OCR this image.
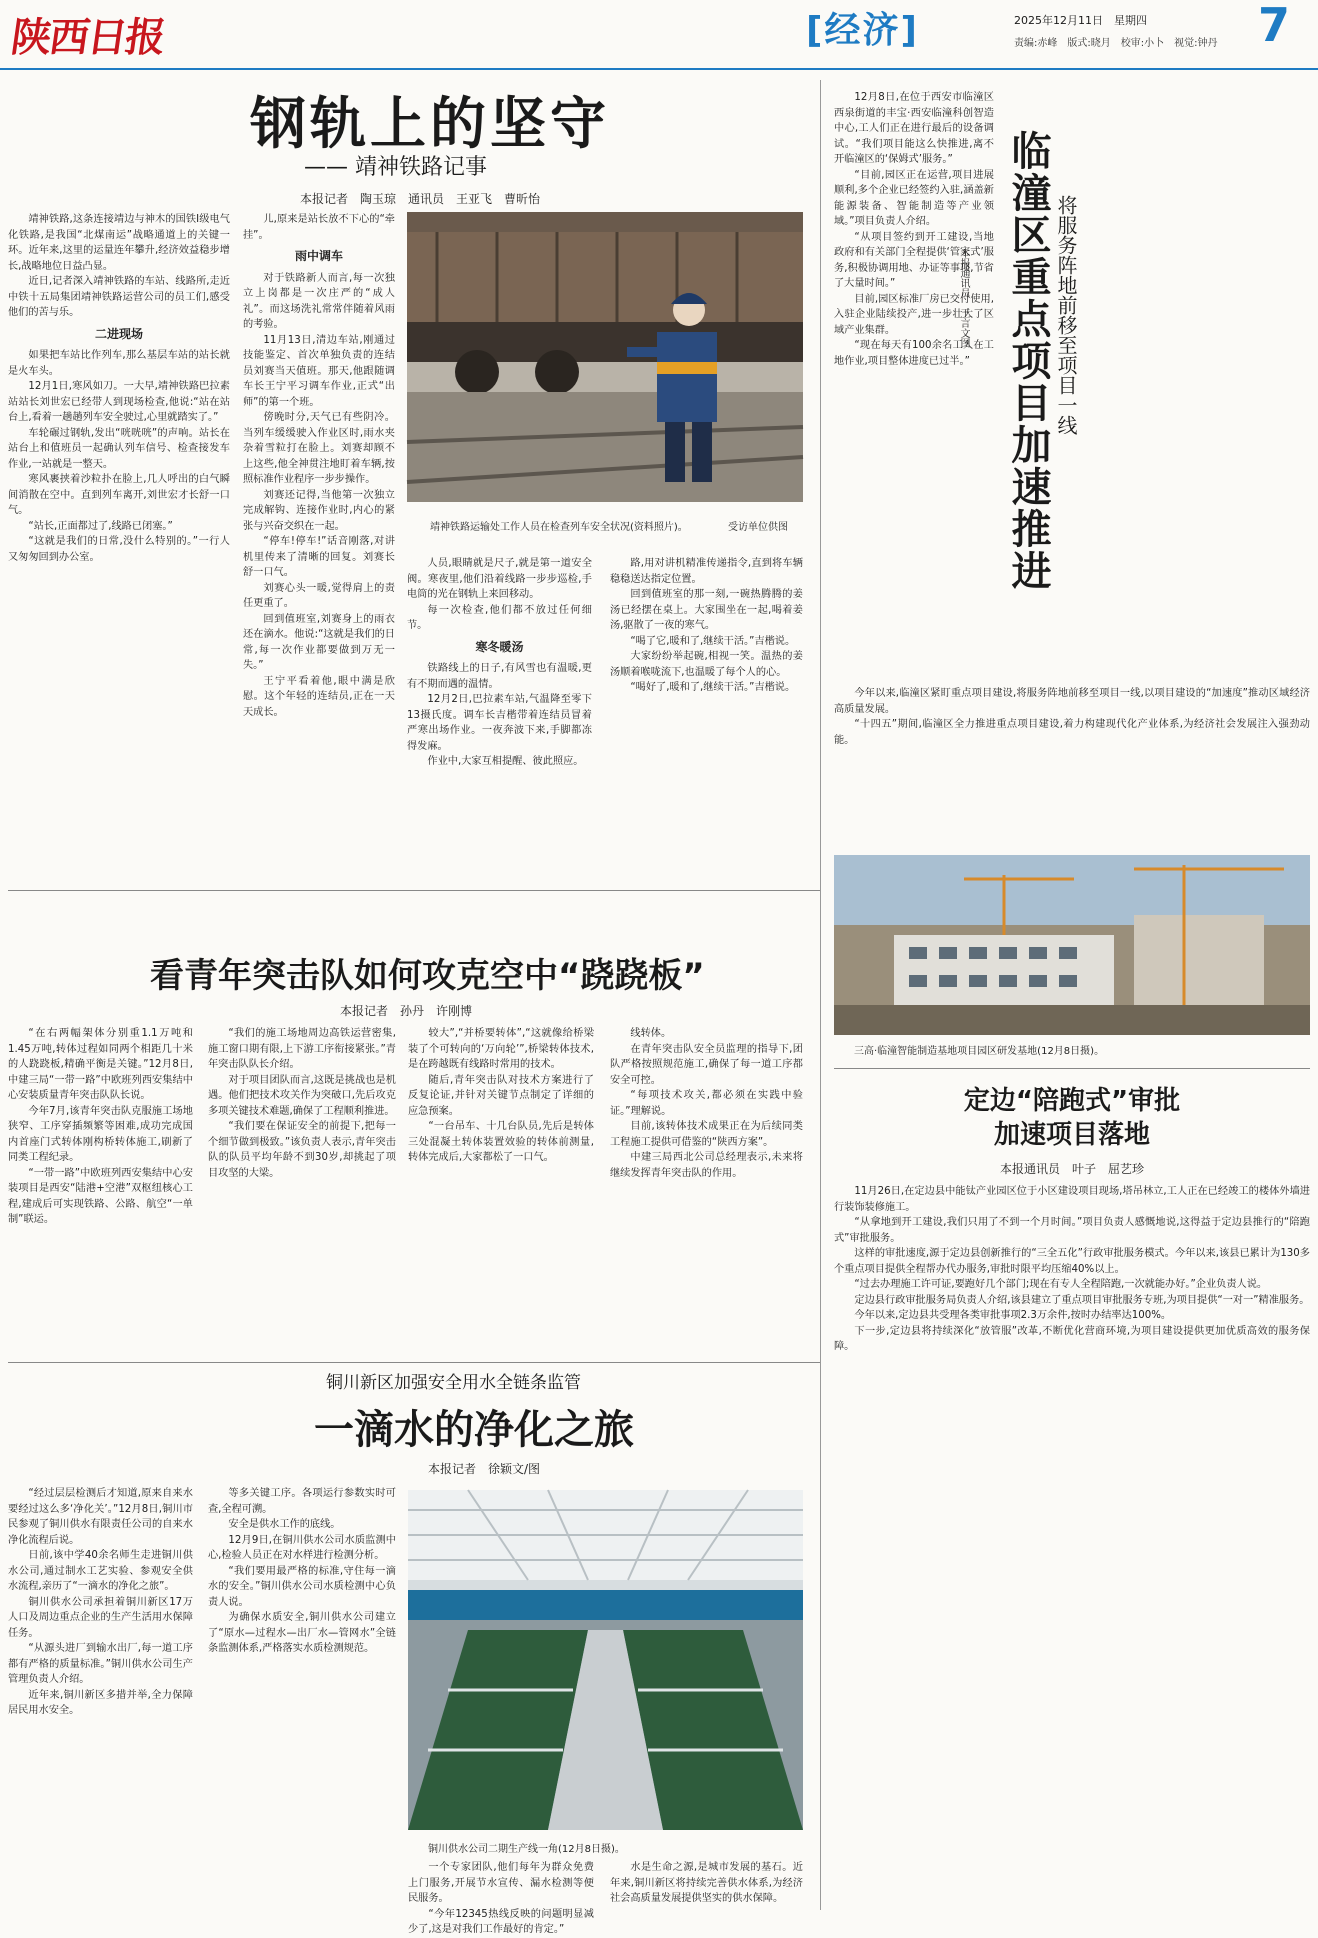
陕西日报	[经济]	2025年12月11日　星期四
责编:赤峰　版式:晓月　校审:小卜　视觉:钟丹 7
钢轨上的坚守
—— 靖神铁路记事
本报记者　陶玉琼　通讯员　王亚飞　曹昕怡

靖神铁路,这条连接靖边与神木的国铁Ⅰ级电气化铁路,是我国“北煤南运”战略通道上的关键一环。近年来,这里的运量连年攀升,经济效益稳步增长,战略地位日益凸显。

近日,记者深入靖神铁路的车站、线路所,走近中铁十五局集团靖神铁路运营公司的员工们,感受他们的苦与乐。

二进现场

如果把车站比作列车,那么基层车站的站长就是火车头。

12月1日,寒风如刀。一大早,靖神铁路巴拉素站站长刘世宏已经带人到现场检查,他说:“站在站台上,看着一趟趟列车安全驶过,心里就踏实了。”

车轮碾过钢轨,发出“咣咣咣”的声响。站长在站台上和值班员一起确认列车信号、检查接发车作业,一站就是一整天。

寒风裹挟着沙粒扑在脸上,几人呼出的白气瞬间消散在空中。直到列车离开,刘世宏才长舒一口气。

“站长,正面都过了,线路已闭塞。”

“这就是我们的日常,没什么特别的。”一行人又匆匆回到办公室。

儿,原来是站长放不下心的“牵挂”。

雨中调车

对于铁路新人而言,每一次独立上岗都是一次庄严的“成人礼”。而这场洗礼常常伴随着风雨的考验。

11月13日,清边车站,刚通过技能鉴定、首次单独负责的连结员刘赛当天值班。那天,他跟随调车长王宁平习调车作业,正式“出师”的第一个班。

傍晚时分,天气已有些阴冷。当列车缓缓驶入作业区时,雨水夹杂着雪粒打在脸上。刘赛却顾不上这些,他全神贯注地盯着车辆,按照标准作业程序一步步操作。

刘赛还记得,当他第一次独立完成解钩、连接作业时,内心的紧张与兴奋交织在一起。

“停车!停车!”话音刚落,对讲机里传来了清晰的回复。刘赛长舒一口气。

刘赛心头一暖,觉得肩上的责任更重了。

回到值班室,刘赛身上的雨衣还在滴水。他说:“这就是我们的日常,每一次作业都要做到万无一失。”

王宁平看着他,眼中满是欣慰。这个年轻的连结员,正在一天天成长。

靖神铁路运输处工作人员在检查列车安全状况(资料照片)。	受访单位供图

人员,眼睛就是尺子,就是第一道安全阀。寒夜里,他们沿着线路一步步巡检,手电筒的光在钢轨上来回移动。

每一次检查,他们都不放过任何细节。

寒冬暖汤

铁路线上的日子,有风雪也有温暖,更有不期而遇的温情。

12月2日,巴拉素车站,气温降至零下13摄氏度。调车长吉楷带着连结员冒着严寒出场作业。一夜奔波下来,手脚都冻得发麻。

作业中,大家互相提醒、彼此照应。

路,用对讲机精准传递指令,直到将车辆稳稳送达指定位置。

回到值班室的那一刻,一碗热腾腾的姜汤已经摆在桌上。大家围坐在一起,喝着姜汤,驱散了一夜的寒气。

“喝了它,暖和了,继续干活。”吉楷说。

大家纷纷举起碗,相视一笑。温热的姜汤顺着喉咙流下,也温暖了每个人的心。

“喝好了,暖和了,继续干活。”吉楷说。

看青年突击队如何攻克空中“跷跷板”
本报记者　孙丹　许刚博

“在右两幅架体分别重1.1万吨和1.45万吨,转体过程如同两个相距几十米的人跷跷板,精确平衡是关键。”12月8日,中建三局“一带一路”中欧班列西安集结中心安装质量青年突击队队长说。

今年7月,该青年突击队克服施工场地狭窄、工序穿插频繁等困难,成功完成国内首座门式转体刚构桥转体施工,刷新了同类工程纪录。

“一带一路”中欧班列西安集结中心安装项目是西安“陆港+空港”双枢纽核心工程,建成后可实现铁路、公路、航空“一单制”联运。

“我们的施工场地周边高铁运营密集,施工窗口期有限,上下游工序衔接紧张。”青年突击队队长介绍。

对于项目团队而言,这既是挑战也是机遇。他们把技术攻关作为突破口,先后攻克多项关键技术难题,确保了工程顺利推进。

“我们要在保证安全的前提下,把每一个细节做到极致。”该负责人表示,青年突击队的队员平均年龄不到30岁,却挑起了项目攻坚的大梁。

较大”,“并桥要转体”,“这就像给桥梁装了个可转向的‘万向轮’”,桥梁转体技术,是在跨越既有线路时常用的技术。

随后,青年突击队对技术方案进行了反复论证,并针对关键节点制定了详细的应急预案。

“一台吊车、十几台队员,先后是转体三处混凝土转体装置效验的转体前测量,转体完成后,大家都松了一口气。

线转体。

在青年突击队安全员监理的指导下,团队严格按照规范施工,确保了每一道工序都安全可控。

“每项技术攻关,都必须在实践中验证。”理解说。

目前,该转体技术成果正在为后续同类工程施工提供可借鉴的“陕西方案”。

中建三局西北公司总经理表示,未来将继续发挥青年突击队的作用。

铜川新区加强安全用水全链条监管
一滴水的净化之旅
本报记者　徐颖文/图

“经过层层检测后才知道,原来自来水要经过这么多‘净化关’。”12月8日,铜川市民参观了铜川供水有限责任公司的自来水净化流程后说。

日前,该中学40余名师生走进铜川供水公司,通过制水工艺实验、参观安全供水流程,亲历了“一滴水的净化之旅”。

铜川供水公司承担着铜川新区17万人口及周边重点企业的生产生活用水保障任务。

“从源头进厂到输水出厂,每一道工序都有严格的质量标准。”铜川供水公司生产管理负责人介绍。

近年来,铜川新区多措并举,全力保障居民用水安全。

等多关键工序。各项运行参数实时可查,全程可溯。

安全是供水工作的底线。

12月9日,在铜川供水公司水质监测中心,检验人员正在对水样进行检测分析。

“我们要用最严格的标准,守住每一滴水的安全。”铜川供水公司水质检测中心负责人说。

为确保水质安全,铜川供水公司建立了“原水—过程水—出厂水—管网水”全链条监测体系,严格落实水质检测规范。

铜川供水公司二期生产线一角(12月8日摄)。

一个专家团队,他们每年为群众免费上门服务,开展节水宣传、漏水检测等便民服务。

“今年12345热线反映的问题明显减少了,这是对我们工作最好的肯定。”

水是生命之源,是城市发展的基石。近年来,铜川新区将持续完善供水体系,为经济社会高质量发展提供坚实的供水保障。

12月8日,在位于西安市临潼区西泉街道的丰宝·西安临潼科创智造中心,工人们正在进行最后的设备调试。“我们项目能这么快推进,离不开临潼区的‘保姆式’服务。”

“目前,园区正在运营,项目进展顺利,多个企业已经签约入驻,涵盖新能源装备、智能制造等产业领域。”项目负责人介绍。

“从项目签约到开工建设,当地政府和有关部门全程提供‘管家式’服务,积极协调用地、办证等事项,节省了大量时间。”

目前,园区标准厂房已交付使用,入驻企业陆续投产,进一步壮大了区域产业集群。

“现在每天有100余名工人在工地作业,项目整体进度已过半。” 临潼区重点项目加速推进 将服务阵地前移至项目一线
本报通讯员　王言文图

今年以来,临潼区紧盯重点项目建设,将服务阵地前移至项目一线,以项目建设的“加速度”推动区域经济高质量发展。

“十四五”期间,临潼区全力推进重点项目建设,着力构建现代化产业体系,为经济社会发展注入强劲动能。

三高·临潼智能制造基地项目园区研发基地(12月8日摄)。
定边“陪跑式”审批
加速项目落地
本报通讯员　叶子　屈艺珍

11月26日,在定边县中能钛产业园区位于小区建设项目现场,塔吊林立,工人正在已经竣工的楼体外墙进行装饰装修施工。

“从拿地到开工建设,我们只用了不到一个月时间。”项目负责人感慨地说,这得益于定边县推行的“陪跑式”审批服务。

这样的审批速度,源于定边县创新推行的“三全五化”行政审批服务模式。今年以来,该县已累计为130多个重点项目提供全程帮办代办服务,审批时限平均压缩40%以上。

“过去办理施工许可证,要跑好几个部门;现在有专人全程陪跑,一次就能办好。”企业负责人说。

定边县行政审批服务局负责人介绍,该县建立了重点项目审批服务专班,为项目提供“一对一”精准服务。

今年以来,定边县共受理各类审批事项2.3万余件,按时办结率达100%。

下一步,定边县将持续深化“放管服”改革,不断优化营商环境,为项目建设提供更加优质高效的服务保障。
